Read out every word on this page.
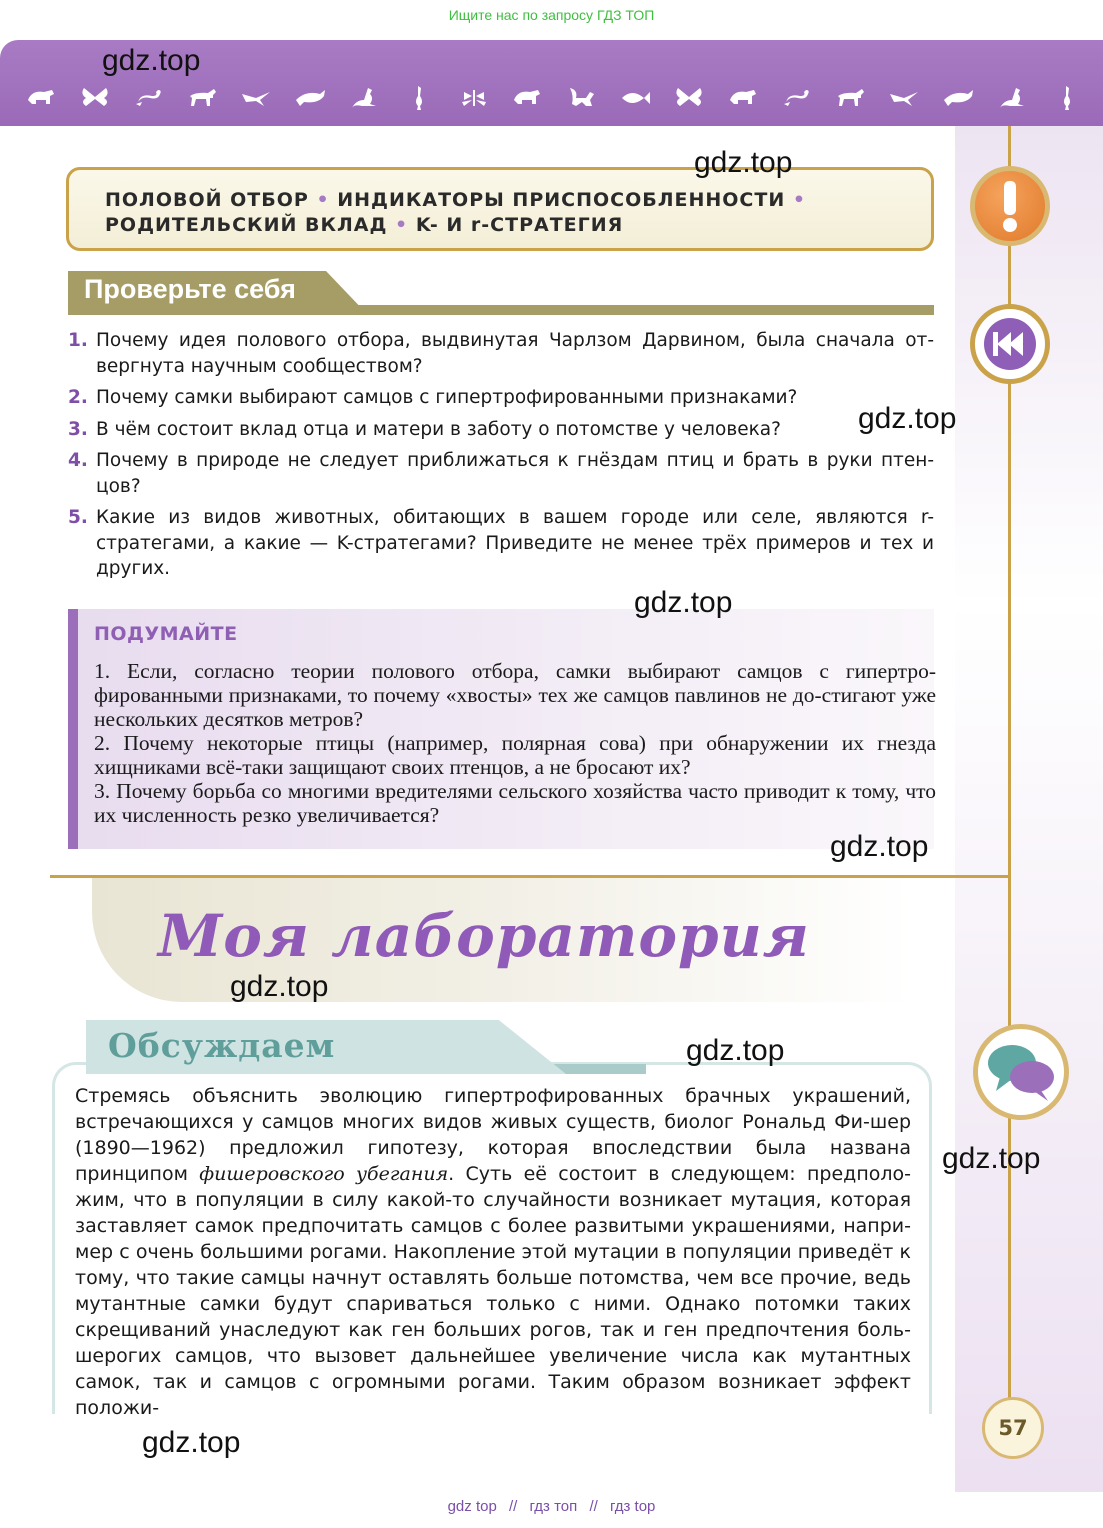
Ищите нас по запросу ГДЗ ТОП
ПОЛОВОЙ ОТБОР • ИНДИКАТОРЫ ПРИСПОСОБЛЕННОСТИ • РОДИТЕЛЬСКИЙ ВКЛАД • K- И r-СТРАТЕГИЯ
Проверьте себя
1. Почему идея полового отбора, выдвинутая Чарлзом Дарвином, была сначала от-вергнута научным сообществом?
2. Почему самки выбирают самцов с гипертрофированными признаками?
3. В чём состоит вклад отца и матери в заботу о потомстве у человека?
4. Почему в природе не следует приближаться к гнёздам птиц и брать в руки птен-цов?
5. Какие из видов животных, обитающих в вашем городе или селе, являются r-стратегами, а какие — K-стратегами? Приведите не менее трёх примеров и тех и других.
ПОДУМАЙТЕ
1. Если, согласно теории полового отбора, самки выбирают самцов с гипертро-фированными признаками, то почему «хвосты» тех же самцов павлинов не до-стигают уже нескольких десятков метров?
2. Почему некоторые птицы (например, полярная сова) при обнаружении их гнезда хищниками всё-таки защищают своих птенцов, а не бросают их?
3. Почему борьба со многими вредителями сельского хозяйства часто приводит к тому, что их численность резко увеличивается?
Моя лаборатория
Обсуждаем
Стремясь объяснить эволюцию гипертрофированных брачных украшений, встречающихся у самцов многих видов живых существ, биолог Рональд Фи-шер (1890—1962) предложил гипотезу, которая впоследствии была названа принципом фишеровского убегания. Суть её состоит в следующем: предполо-жим, что в популяции в силу какой-то случайности возникает мутация, которая заставляет самок предпочитать самцов с более развитыми украшениями, напри-мер с очень большими рогами. Накопление этой мутации в популяции приведёт к тому, что такие самцы начнут оставлять больше потомства, чем все прочие, ведь мутантные самки будут спариваться только с ними. Однако потомки таких скрещиваний унаследуют как ген больших рогов, так и ген предпочтения боль-шерогих самцов, что вызовет дальнейшее увеличение числа как мутантных самок, так и самцов с огромными рогами. Таким образом возникает эффект положи-
57
gdz.top
gdz.top
gdz.top
gdz.top
gdz.top
gdz.top
gdz.top
gdz.top
gdz.top
gdz top // гдз топ // гдз top
